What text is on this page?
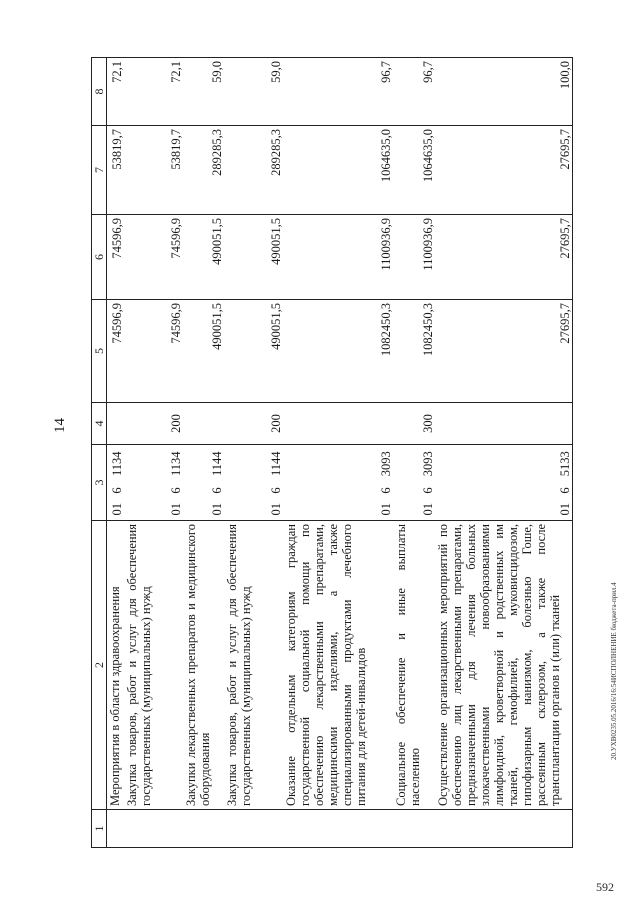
14
1	2	3			4	5	6	7	8
	Мероприятия в области здравоохранения	01	6	1134		74596,9	74596,9	53819,7	72,1
	Закупка товаров, работ и услуг для обеспечения государственных (муниципальных) нужд	01	6	1134	200	74596,9	74596,9	53819,7	72,1
	Закупки лекарственных препаратов и медицинского оборудования	01	6	1144		490051,5	490051,5	289285,3	59,0
	Закупка товаров, работ и услуг для обеспечения государственных (муниципальных) нужд	01	6	1144	200	490051,5	490051,5	289285,3	59,0
	Оказание отдельным категориям граждан государственной социальной помощи по обеспечению лекарственными препаратами, медицинскими изделиями, а также специализированными продуктами лечебного питания для детей-инвалидов	01	6	3093		1082450,3	1100936,9	1064635,0	96,7
	Социальное обеспечение и иные выплаты населению	01	6	3093	300	1082450,3	1100936,9	1064635,0	96,7
	Осуществление организационных мероприятий по обеспечению лиц лекарственными препаратами, предназначенными для лечения больных злокачественными новообразованиями лимфоидной, кроветворной и родственных им тканей, гемофилией, муковисцидозом, гипофизарным нанизмом, болезнью Гоше, рассеянным склерозом, а также после трансплантации органов и (или) тканей	01	6	5133		27695,7	27695,7	27695,7	100,0
20.УХВ0235.05.2016/16:54ИСПОЛНЕНИЕ бюджета-прил.4
592
